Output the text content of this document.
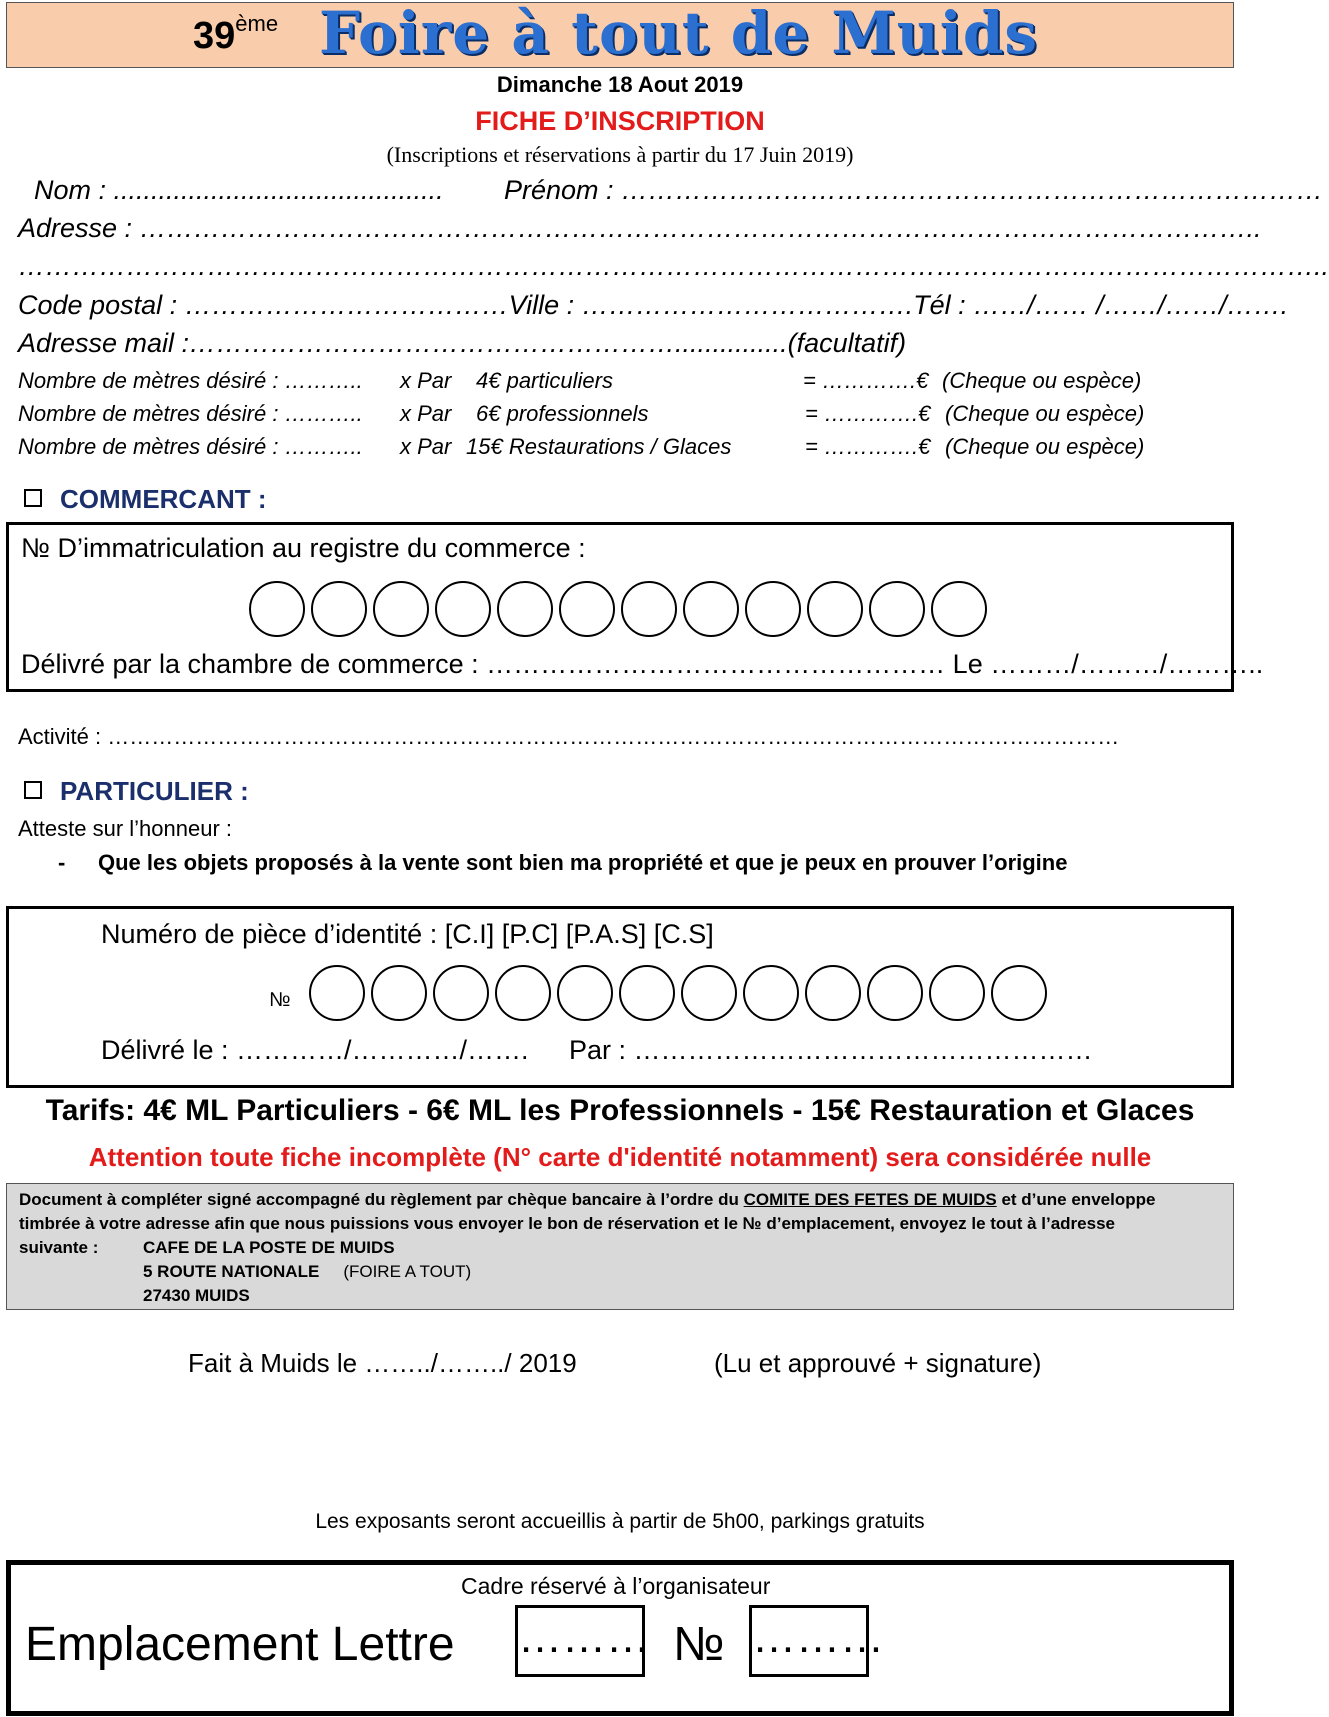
39ème Foire à tout de Muids
Dimanche 18 Aout 2019
FICHE D’INSCRIPTION
(Inscriptions et réservations à partir du 17 Juin 2019)
Nom : ............................................ Prénom : ……………………………………………………………………
Adresse : ……………………………………………………………………………………………………………..
………………………………………………………………………………………………………………………………..
Code postal : ………………………………Ville : ……………………………….Tél : ……/…… /……/……/…….
Adresse mail :………………………………………………...............(facultatif)
Nombre de mètres désiré : ……….. x Par 4€ particuliers	= ………….€ (Cheque ou espèce)
Nombre de mètres désiré : ……….. x Par 6€ professionnels	= ………….€ (Cheque ou espèce)
Nombre de mètres désiré : ……….. x Par 15€ Restaurations / Glaces	= ………….€ (Cheque ou espèce)
COMMERCANT :
№ D’immatriculation au registre du commerce :
Délivré par la chambre de commerce : …………………………………………… Le ………/………/………..
Activité : …………………………………………………………………………………………………………………………
PARTICULIER :
Atteste sur l’honneur :
- Que les objets proposés à la vente sont bien ma propriété et que je peux en prouver l’origine
Numéro de pièce d’identité : [C.I] [P.C] [P.A.S] [C.S]
№
Délivré le : …………/…………/……. Par : ……………………………………………
Tarifs: 4€ ML Particuliers - 6€ ML les Professionnels - 15€ Restauration et Glaces
Attention toute fiche incomplète (N° carte d'identité notamment) sera considérée nulle
Document à compléter signé accompagné du règlement par chèque bancaire à l’ordre du COMITE DES FETES DE MUIDS et d’une enveloppe
timbrée à votre adresse afin que nous puissions vous envoyer le bon de réservation et le № d’emplacement, envoyez le tout à l’adresse
suivante :	CAFE DE LA POSTE DE MUIDS
5 ROUTE NATIONALE (FOIRE A TOUT)
27430 MUIDS
Fait à Muids le ……../……../ 2019	(Lu et approuvé + signature)
Les exposants seront accueillis à partir de 5h00, parkings gratuits
Cadre réservé à l’organisateur
Emplacement Lettre ……… № ………
